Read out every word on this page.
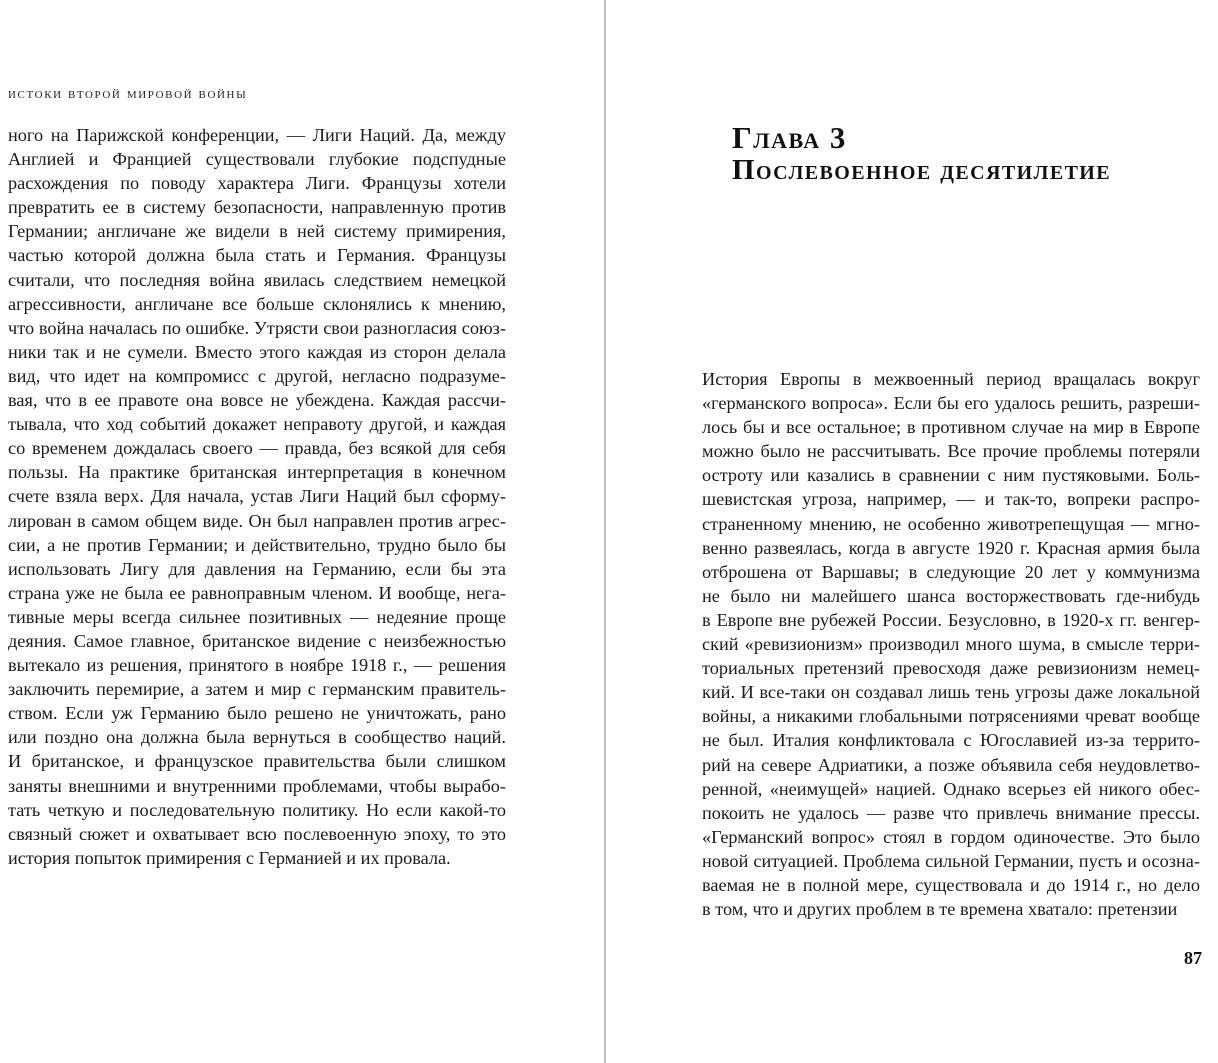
истоки второй мировой войны
ного на Парижской конференции, — Лиги Наций. Да, между
Англией и Францией существовали глубокие подспудные
расхождения по поводу характера Лиги. Французы хотели
превратить ее в систему безопасности, направленную против
Германии; англичане же видели в ней систему примирения,
частью которой должна была стать и Германия. Французы
считали, что последняя война явилась следствием немецкой
агрессивности, англичане все больше склонялись к мнению,
что война началась по ошибке. Утрясти свои разногласия союз-
ники так и не сумели. Вместо этого каждая из сторон делала
вид, что идет на компромисс с другой, негласно подразуме-
вая, что в ее правоте она вовсе не убеждена. Каждая рассчи-
тывала, что ход событий докажет неправоту другой, и каждая
со временем дождалась своего — правда, без всякой для себя
пользы. На практике британская интерпретация в конечном
счете взяла верх. Для начала, устав Лиги Наций был сформу-
лирован в самом общем виде. Он был направлен против агрес-
сии, а не против Германии; и действительно, трудно было бы
использовать Лигу для давления на Германию, если бы эта
страна уже не была ее равноправным членом. И вообще, нега-
тивные меры всегда сильнее позитивных — недеяние проще
деяния. Самое главное, британское видение с неизбежностью
вытекало из решения, принятого в ноябре 1918 г., — решения
заключить перемирие, а затем и мир с германским правитель-
ством. Если уж Германию было решено не уничтожать, рано
или поздно она должна была вернуться в сообщество наций.
И британское, и французское правительства были слишком
заняты внешними и внутренними проблемами, чтобы вырабо-
тать четкую и последовательную политику. Но если какой-то
связный сюжет и охватывает всю послевоенную эпоху, то это
история попыток примирения с Германией и их провала.
Глава 3
Послевоенное десятилетие
История Европы в межвоенный период вращалась вокруг
«германского вопроса». Если бы его удалось решить, разреши-
лось бы и все остальное; в противном случае на мир в Европе
можно было не рассчитывать. Все прочие проблемы потеряли
остроту или казались в сравнении с ним пустяковыми. Боль-
шевистская угроза, например, — и так-то, вопреки распро-
страненному мнению, не особенно животрепещущая — мгно-
венно развеялась, когда в августе 1920 г. Красная армия была
отброшена от Варшавы; в следующие 20 лет у коммунизма
не было ни малейшего шанса восторжествовать где-нибудь
в Европе вне рубежей России. Безусловно, в 1920-х гг. венгер-
ский «ревизионизм» производил много шума, в смысле терри-
ториальных претензий превосходя даже ревизионизм немец-
кий. И все-таки он создавал лишь тень угрозы даже локальной
войны, а никакими глобальными потрясениями чреват вообще
не был. Италия конфликтовала с Югославией из-за террито-
рий на севере Адриатики, а позже объявила себя неудовлетво-
ренной, «неимущей» нацией. Однако всерьез ей никого обес-
покоить не удалось — разве что привлечь внимание прессы.
«Германский вопрос» стоял в гордом одиночестве. Это было
новой ситуацией. Проблема сильной Германии, пусть и осозна-
ваемая не в полной мере, существовала и до 1914 г., но дело
в том, что и других проблем в те времена хватало: претензии
87
